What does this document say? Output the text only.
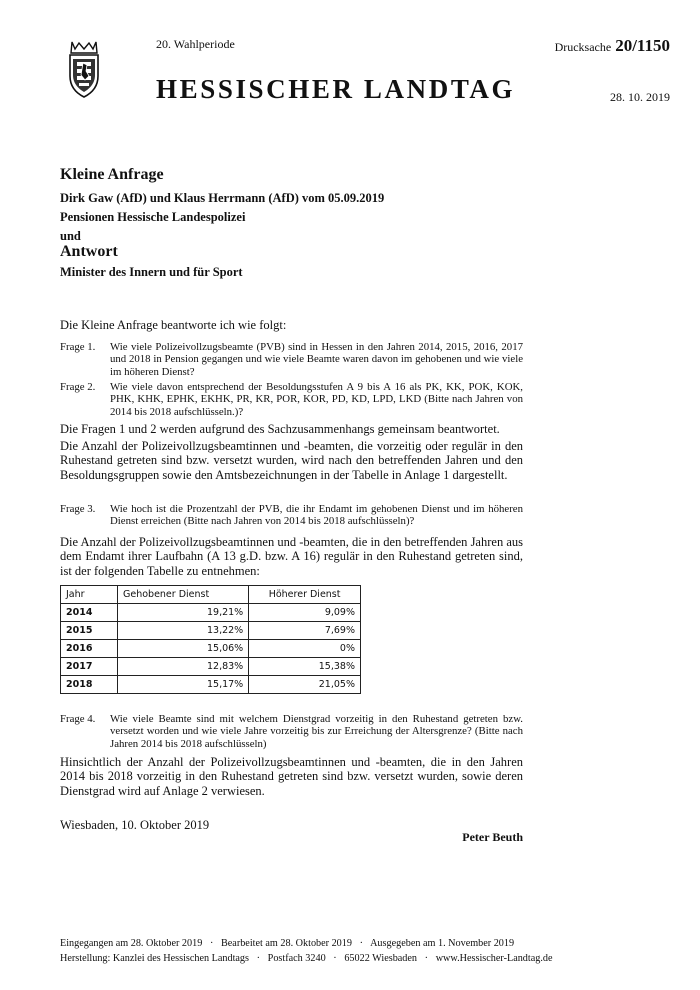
20. Wahlperiode
HESSISCHER LANDTAG
Drucksache 20/1150
28. 10. 2019
Kleine Anfrage
Dirk Gaw (AfD) und Klaus Herrmann (AfD) vom 05.09.2019
Pensionen Hessische Landespolizei
und
Antwort
Minister des Innern und für Sport
Die Kleine Anfrage beantworte ich wie folgt:
Frage 1. Wie viele Polizeivollzugsbeamte (PVB) sind in Hessen in den Jahren 2014, 2015, 2016, 2017 und 2018 in Pension gegangen und wie viele Beamte waren davon im gehobenen und wie viele im höheren Dienst?
Frage 2. Wie viele davon entsprechend der Besoldungsstufen A 9 bis A 16 als PK, KK, POK, KOK, PHK, KHK, EPHK, EKHK, PR, KR, POR, KOR, PD, KD, LPD, LKD (Bitte nach Jahren von 2014 bis 2018 aufschlüsseln.)?
Die Fragen 1 und 2 werden aufgrund des Sachzusammenhangs gemeinsam beantwortet.
Die Anzahl der Polizeivollzugsbeamtinnen und -beamten, die vorzeitig oder regulär in den Ruhestand getreten sind bzw. versetzt wurden, wird nach den betreffenden Jahren und den Besoldungsgruppen sowie den Amtsbezeichnungen in der Tabelle in Anlage 1 dargestellt.
Frage 3. Wie hoch ist die Prozentzahl der PVB, die ihr Endamt im gehobenen Dienst und im höheren Dienst erreichen (Bitte nach Jahren von 2014 bis 2018 aufschlüsseln)?
Die Anzahl der Polizeivollzugsbeamtinnen und -beamten, die in den betreffenden Jahren aus dem Endamt ihrer Laufbahn (A 13 g.D. bzw. A 16) regulär in den Ruhestand getreten sind, ist der folgenden Tabelle zu entnehmen:
Jahr	Gehobener Dienst	Höherer Dienst
2014	19,21%	9,09%
2015	13,22%	7,69%
2016	15,06%	0%
2017	12,83%	15,38%
2018	15,17%	21,05%
Frage 4. Wie viele Beamte sind mit welchem Dienstgrad vorzeitig in den Ruhestand getreten bzw. versetzt worden und wie viele Jahre vorzeitig bis zur Erreichung der Altersgrenze? (Bitte nach Jahren 2014 bis 2018 aufschlüsseln)
Hinsichtlich der Anzahl der Polizeivollzugsbeamtinnen und -beamten, die in den Jahren 2014 bis 2018 vorzeitig in den Ruhestand getreten sind bzw. versetzt wurden, sowie deren Dienstgrad wird auf Anlage 2 verwiesen.
Wiesbaden, 10. Oktober 2019
Peter Beuth
Eingegangen am 28. Oktober 2019   ·   Bearbeitet am 28. Oktober 2019   ·   Ausgegeben am 1. November 2019
Herstellung: Kanzlei des Hessischen Landtags   ·   Postfach 3240   ·   65022 Wiesbaden   ·   www.Hessischer-Landtag.de
